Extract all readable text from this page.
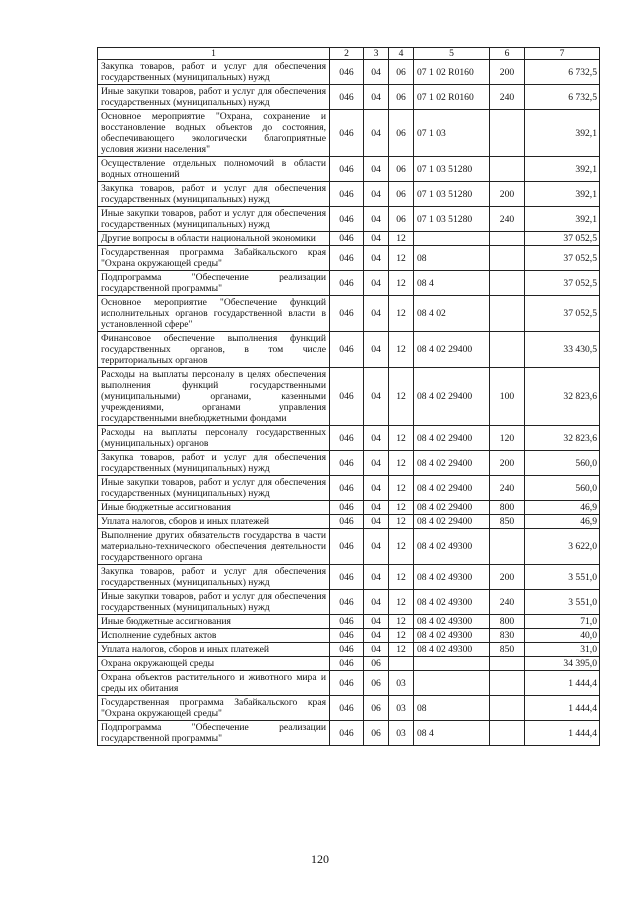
1	2	3	4	5	6	7
Закупка товаров, работ и услуг для обеспечения государственных (муниципальных) нужд	046	04	06	07 1 02 R0160	200	6 732,5
Иные закупки товаров, работ и услуг для обеспечения государственных (муниципальных) нужд	046	04	06	07 1 02 R0160	240	6 732,5
Основное мероприятие "Охрана, сохранение и восстановление водных объектов до состояния, обеспечивающего экологически благоприятные условия жизни населения"	046	04	06	07 1 03		392,1
Осуществление отдельных полномочий в области водных отношений	046	04	06	07 1 03 51280		392,1
Закупка товаров, работ и услуг для обеспечения государственных (муниципальных) нужд	046	04	06	07 1 03 51280	200	392,1
Иные закупки товаров, работ и услуг для обеспечения государственных (муниципальных) нужд	046	04	06	07 1 03 51280	240	392,1
Другие вопросы в области национальной экономики	046	04	12			37 052,5
Государственная программа Забайкальского края "Охрана окружающей среды"	046	04	12	08		37 052,5
Подпрограмма "Обеспечение реализации государственной программы"	046	04	12	08 4		37 052,5
Основное мероприятие "Обеспечение функций исполнительных органов государственной власти в установленной сфере"	046	04	12	08 4 02		37 052,5
Финансовое обеспечение выполнения функций государственных органов, в том числе территориальных органов	046	04	12	08 4 02 29400		33 430,5
Расходы на выплаты персоналу в целях обеспечения выполнения функций государственными (муниципальными) органами, казенными учреждениями, органами управления государственными внебюджетными фондами	046	04	12	08 4 02 29400	100	32 823,6
Расходы на выплаты персоналу государственных (муниципальных) органов	046	04	12	08 4 02 29400	120	32 823,6
Закупка товаров, работ и услуг для обеспечения государственных (муниципальных) нужд	046	04	12	08 4 02 29400	200	560,0
Иные закупки товаров, работ и услуг для обеспечения государственных (муниципальных) нужд	046	04	12	08 4 02 29400	240	560,0
Иные бюджетные ассигнования	046	04	12	08 4 02 29400	800	46,9
Уплата налогов, сборов и иных платежей	046	04	12	08 4 02 29400	850	46,9
Выполнение других обязательств государства в части материально-технического обеспечения деятельности государственного органа	046	04	12	08 4 02 49300		3 622,0
Закупка товаров, работ и услуг для обеспечения государственных (муниципальных) нужд	046	04	12	08 4 02 49300	200	3 551,0
Иные закупки товаров, работ и услуг для обеспечения государственных (муниципальных) нужд	046	04	12	08 4 02 49300	240	3 551,0
Иные бюджетные ассигнования	046	04	12	08 4 02 49300	800	71,0
Исполнение судебных актов	046	04	12	08 4 02 49300	830	40,0
Уплата налогов, сборов и иных платежей	046	04	12	08 4 02 49300	850	31,0
Охрана окружающей среды	046	06				34 395,0
Охрана объектов растительного и животного мира и среды их обитания	046	06	03			1 444,4
Государственная программа Забайкальского края "Охрана окружающей среды"	046	06	03	08		1 444,4
Подпрограмма "Обеспечение реализации государственной программы"	046	06	03	08 4		1 444,4
120
